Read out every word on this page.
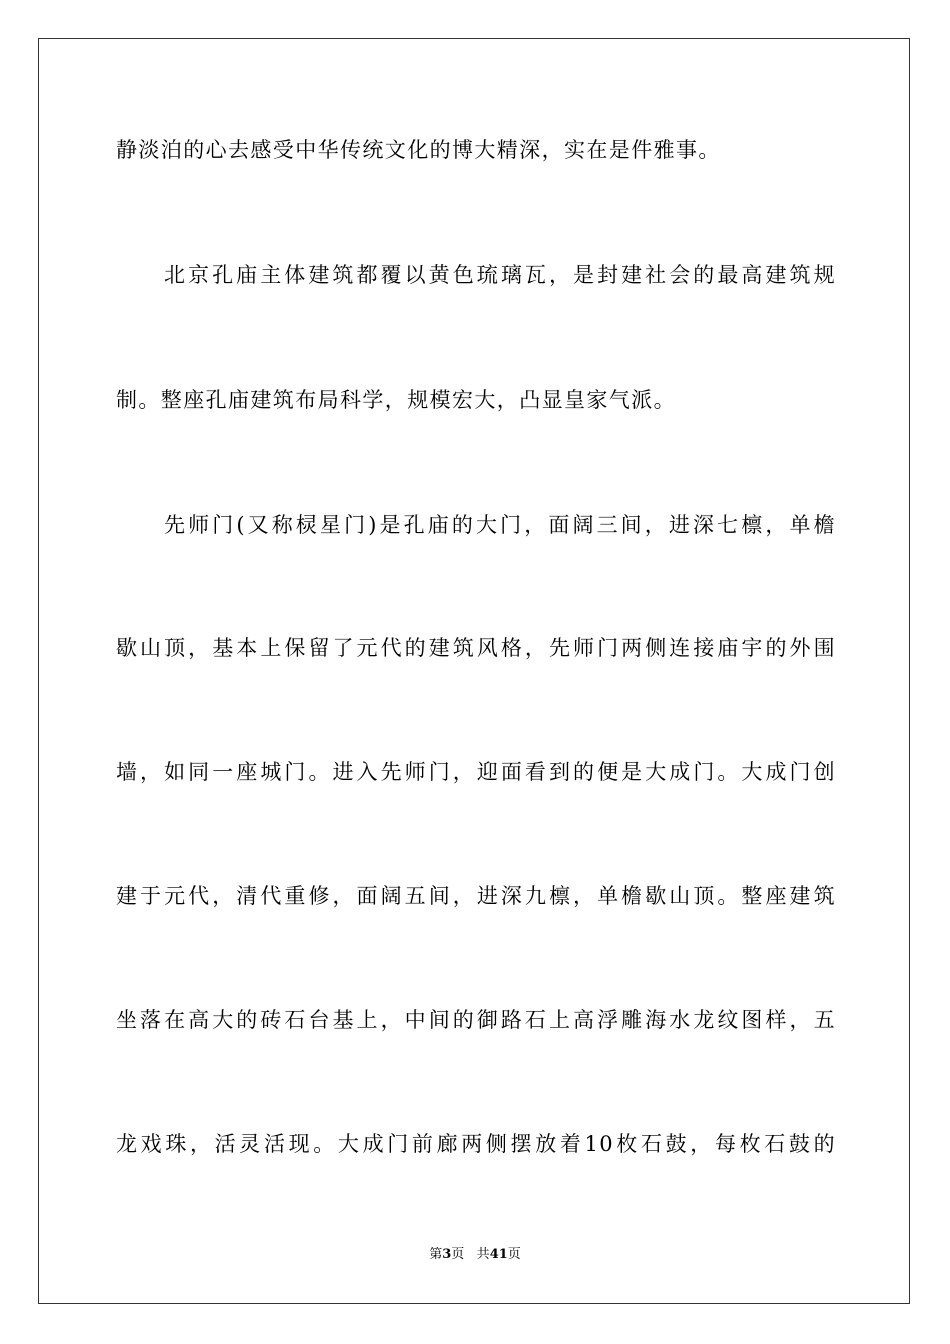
静淡泊的心去感受中华传统文化的博大精深，实在是件雅事。
北京孔庙主体建筑都覆以黄色琉璃瓦，是封建社会的最高建筑规
制。整座孔庙建筑布局科学，规模宏大，凸显皇家气派。
先师门(又称棂星门)是孔庙的大门，面阔三间，进深七檩，单檐
歇山顶，基本上保留了元代的建筑风格，先师门两侧连接庙宇的外围
墙，如同一座城门。进入先师门，迎面看到的便是大成门。大成门创
建于元代，清代重修，面阔五间，进深九檩，单檐歇山顶。整座建筑
坐落在高大的砖石台基上，中间的御路石上高浮雕海水龙纹图样，五
龙戏珠，活灵活现。大成门前廊两侧摆放着10枚石鼓，每枚石鼓的
第3页 共41页
